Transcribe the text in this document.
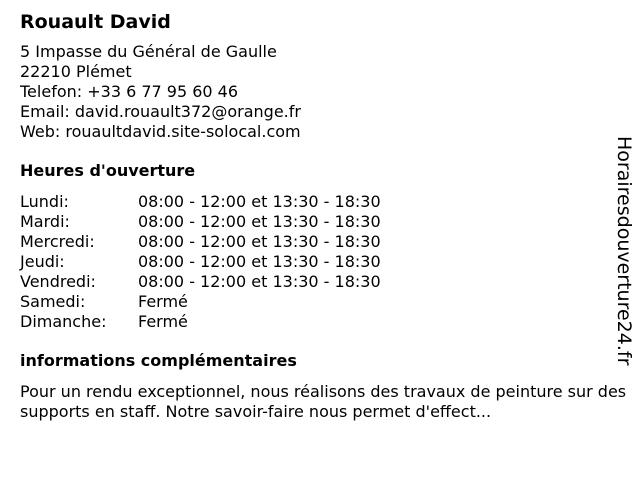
Rouault David
5 Impasse du Général de Gaulle
22210 Plémet
Telefon: +33 6 77 95 60 46
Email: david.rouault372@orange.fr
Web: rouaultdavid.site-solocal.com
Heures d'ouverture
Lundi:	08:00 - 12:00 et 13:30 - 18:30
Mardi:	08:00 - 12:00 et 13:30 - 18:30
Mercredi:	08:00 - 12:00 et 13:30 - 18:30
Jeudi:	08:00 - 12:00 et 13:30 - 18:30
Vendredi:	08:00 - 12:00 et 13:30 - 18:30
Samedi:	Fermé
Dimanche:	Fermé
informations complémentaires
Pour un rendu exceptionnel, nous réalisons des travaux de peinture sur des supports en staff. Notre savoir-faire nous permet d'effect...
Horairesdouverture24.fr
